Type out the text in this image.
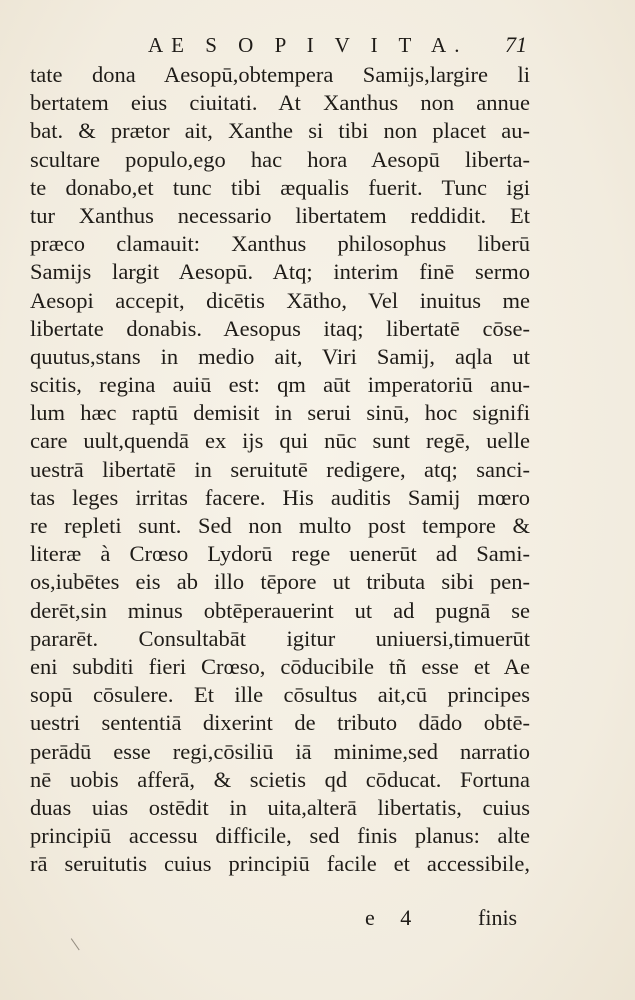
AE S O P I V I T A. 71
tate dona Aesopū,obtempera Samijs,largire li
bertatem eius ciuitati. At Xanthus non annue
bat. & prætor ait, Xanthe si tibi non placet au-
scultare populo,ego hac hora Aesopū liberta-
te donabo,et tunc tibi æqualis fuerit. Tunc igi
tur Xanthus necessario libertatem reddidit. Et
præco clamauit: Xanthus philosophus liberū
Samijs largit Aesopū. Atq; interim finē sermo
Aesopi accepit, dicētis Xātho, Vel inuitus me
libertate donabis. Aesopus itaq; libertatē cōse-
quutus,stans in medio ait, Viri Samij, aqla ut
scitis, regina auiū est: qm aūt imperatoriū anu-
lum hæc raptū demisit in serui sinū, hoc signifi
care uult,quendā ex ijs qui nūc sunt regē, uelle
uestrā libertatē in seruitutē redigere, atq; sanci-
tas leges irritas facere. His auditis Samij mœro
re repleti sunt. Sed non multo post tempore &
literæ à Crœso Lydorū rege uenerūt ad Sami-
os,iubētes eis ab illo tēpore ut tributa sibi pen-
derēt,sin minus obtēperauerint ut ad pugnā se
pararēt. Consultabāt igitur uniuersi,timuerūt
eni subditi fieri Crœso, cōducibile tñ esse et Ae
sopū cōsulere. Et ille cōsultus ait,cū principes
uestri sententiā dixerint de tributo dādo obtē-
perādū esse regi,cōsiliū iā minime,sed narratio
nē uobis afferā, & scietis qd cōducat. Fortuna
duas uias ostēdit in uita,alterā libertatis, cuius
principiū accessu difficile, sed finis planus: alte
rā seruitutis cuius principiū facile et accessibile,
e 4	finis
